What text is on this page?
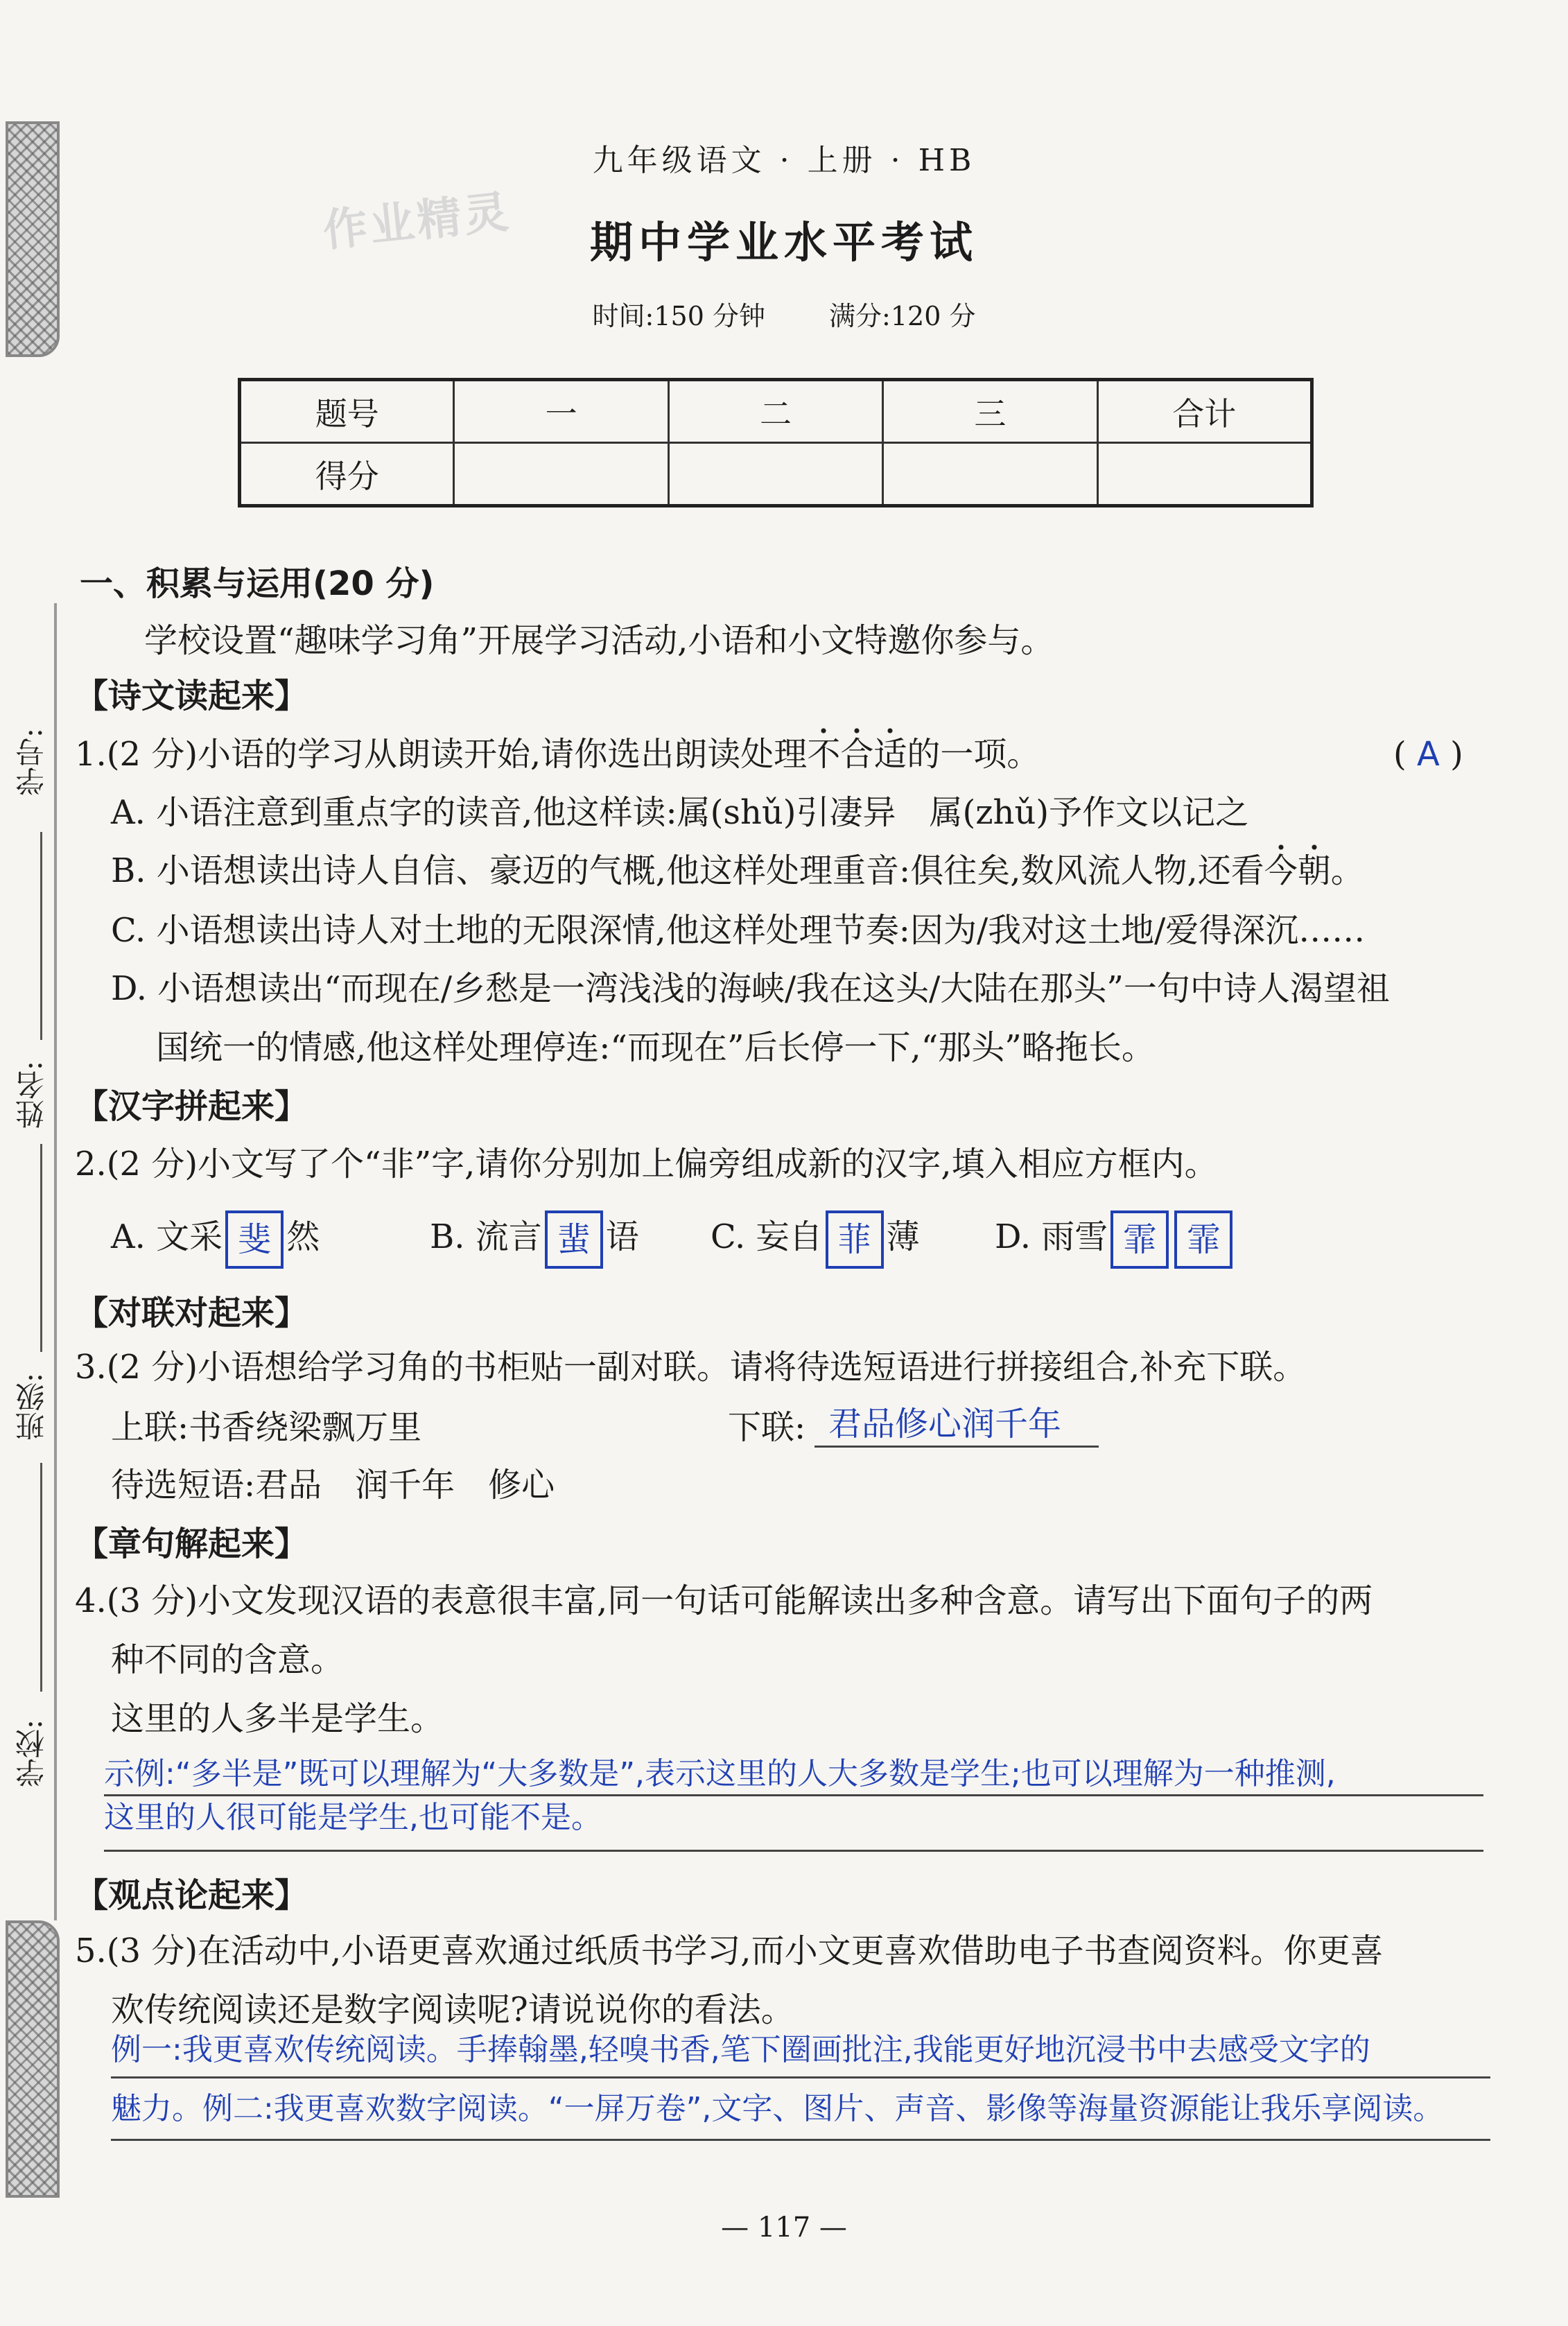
学号:
姓名:
班级:
学校:
作业精灵
九年级语文 · 上册 · HB
期中学业水平考试
时间:150 分钟 满分:120 分
题号	一	二	三	合计
得分				
一、积累与运用(20 分)
学校设置“趣味学习角”开展学习活动,小语和小文特邀你参与。
【诗文读起来】
1.(2 分)小语的学习从朗读开始,请你选出朗读处理不合适的一项。	( A )
A. 小语注意到重点字的读音,他这样读:属(shǔ)引凄异　属(zhǔ)予作文以记之
B. 小语想读出诗人自信、豪迈的气概,他这样处理重音:俱往矣,数风流人物,还看今朝。
C. 小语想读出诗人对土地的无限深情,他这样处理节奏:因为/我对这土地/爱得深沉……
D. 小语想读出“而现在/乡愁是一湾浅浅的海峡/我在这头/大陆在那头”一句中诗人渴望祖
国统一的情感,他这样处理停连:“而现在”后长停一下,“那头”略拖长。
【汉字拼起来】
2.(2 分)小文写了个“非”字,请你分别加上偏旁组成新的汉字,填入相应方框内。
A. 文采 斐 然	B. 流言 蜚 语 C. 妄自 菲 薄 D. 雨雪 霏 霏
【对联对起来】
3.(2 分)小语想给学习角的书柜贴一副对联。请将待选短语进行拼接组合,补充下联。
上联:书香绕梁飘万里	下联: 君品修心润千年
待选短语:君品　润千年　修心
【章句解起来】
4.(3 分)小文发现汉语的表意很丰富,同一句话可能解读出多种含意。请写出下面句子的两
种不同的含意。
这里的人多半是学生。
示例:“多半是”既可以理解为“大多数是”,表示这里的人大多数是学生;也可以理解为一种推测,
这里的人很可能是学生,也可能不是。
【观点论起来】
5.(3 分)在活动中,小语更喜欢通过纸质书学习,而小文更喜欢借助电子书查阅资料。你更喜
欢传统阅读还是数字阅读呢?请说说你的看法。
例一:我更喜欢传统阅读。手捧翰墨,轻嗅书香,笔下圈画批注,我能更好地沉浸书中去感受文字的
魅力。例二:我更喜欢数字阅读。“一屏万卷”,文字、图片、声音、影像等海量资源能让我乐享阅读。
— 117 —
